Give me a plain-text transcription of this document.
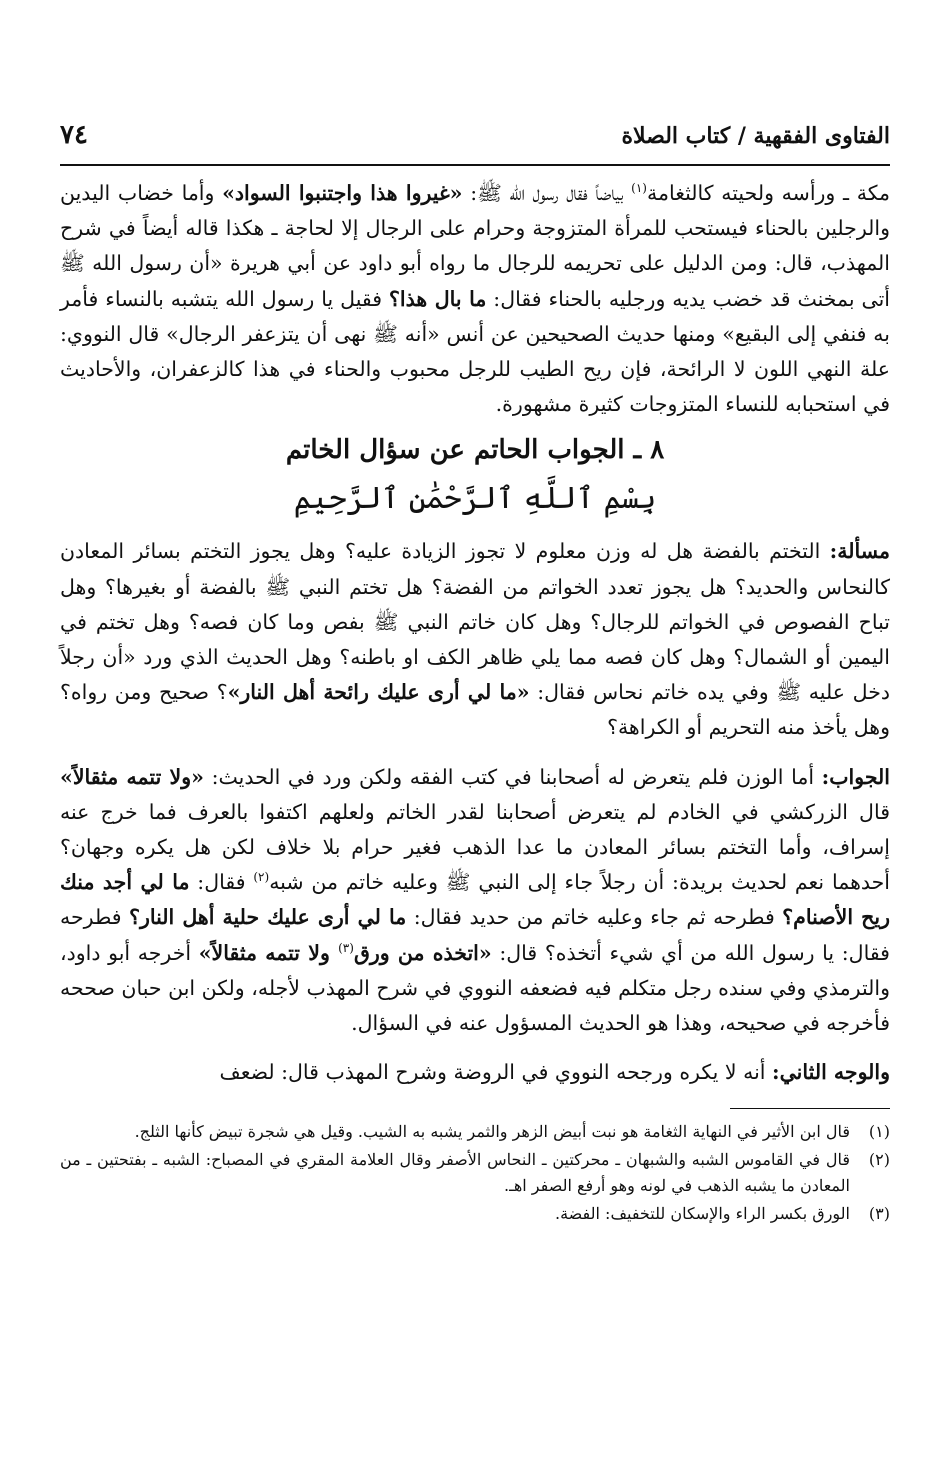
الفتاوى الفقهية / كتاب الصلاة
٧٤

مكة ـ ورأسه ولحيته كالثغامة$^{(١)}$ بياضاً فقال رسول الله ﷺ: «غيروا هذا واجتنبوا السواد» وأما خضاب اليدين والرجلين بالحناء فيستحب للمرأة المتزوجة وحرام على الرجال إلا لحاجة ـ هكذا قاله أيضاً في شرح المهذب، قال: ومن الدليل على تحريمه للرجال ما رواه أبو داود عن أبي هريرة «أن رسول الله ﷺ أتى بمخنث قد خضب يديه ورجليه بالحناء فقال: ما بال هذا؟ فقيل يا رسول الله يتشبه بالنساء فأمر به فنفي إلى البقيع» ومنها حديث الصحيحين عن أنس «أنه ﷺ نهى أن يتزعفر الرجال» قال النووي: علة النهي اللون لا الرائحة، فإن ريح الطيب للرجل محبوب والحناء في هذا كالزعفران، والأحاديث في استحبابه للنساء المتزوجات كثيرة مشهورة.

٨ ـ الجواب الحاتم عن سؤال الخاتم
بِسْمِ ٱللَّهِ ٱلرَّحْمَٰنِ ٱلرَّحِيمِ

مسألة: التختم بالفضة هل له وزن معلوم لا تجوز الزيادة عليه؟ وهل يجوز التختم بسائر المعادن كالنحاس والحديد؟ هل يجوز تعدد الخواتم من الفضة؟ هل تختم النبي ﷺ بالفضة أو بغيرها؟ وهل تباح الفصوص في الخواتم للرجال؟ وهل كان خاتم النبي ﷺ بفص وما كان فصه؟ وهل تختم في اليمين أو الشمال؟ وهل كان فصه مما يلي ظاهر الكف او باطنه؟ وهل الحديث الذي ورد «أن رجلاً دخل عليه ﷺ وفي يده خاتم نحاس فقال: «ما لي أرى عليك رائحة أهل النار»؟ صحيح ومن رواه؟ وهل يأخذ منه التحريم أو الكراهة؟

الجواب: أما الوزن فلم يتعرض له أصحابنا في كتب الفقه ولكن ورد في الحديث: «ولا تتمه مثقالاً» قال الزركشي في الخادم لم يتعرض أصحابنا لقدر الخاتم ولعلهم اكتفوا بالعرف فما خرج عنه إسراف، وأما التختم بسائر المعادن ما عدا الذهب فغير حرام بلا خلاف لكن هل يكره وجهان؟ أحدهما نعم لحديث بريدة: أن رجلاً جاء إلى النبي ﷺ وعليه خاتم من شبه$^{(٢)}$ فقال: ما لي أجد منك ريح الأصنام؟ فطرحه ثم جاء وعليه خاتم من حديد فقال: ما لي أرى عليك حلية أهل النار؟ فطرحه فقال: يا رسول الله من أي شيء أتخذه؟ قال: «اتخذه من ورق$^{(٣)}$ ولا تتمه مثقالاً» أخرجه أبو داود، والترمذي وفي سنده رجل متكلم فيه فضعفه النووي في شرح المهذب لأجله، ولكن ابن حبان صححه فأخرجه في صحيحه، وهذا هو الحديث المسؤول عنه في السؤال.

والوجه الثاني: أنه لا يكره ورجحه النووي في الروضة وشرح المهذب قال: لضعف

(١)
قال ابن الأثير في النهاية الثغامة هو نبت أبيض الزهر والثمر يشبه به الشيب. وقيل هي شجرة تبيض كأنها الثلج.
(٢)
قال في القاموس الشبه والشبهان ـ محركتين ـ النحاس الأصفر وقال العلامة المقري في المصباح: الشبه ـ بفتحتين ـ من المعادن ما يشبه الذهب في لونه وهو أرفع الصفر اهـ.
(٣)
الورق بكسر الراء والإسكان للتخفيف: الفضة.
